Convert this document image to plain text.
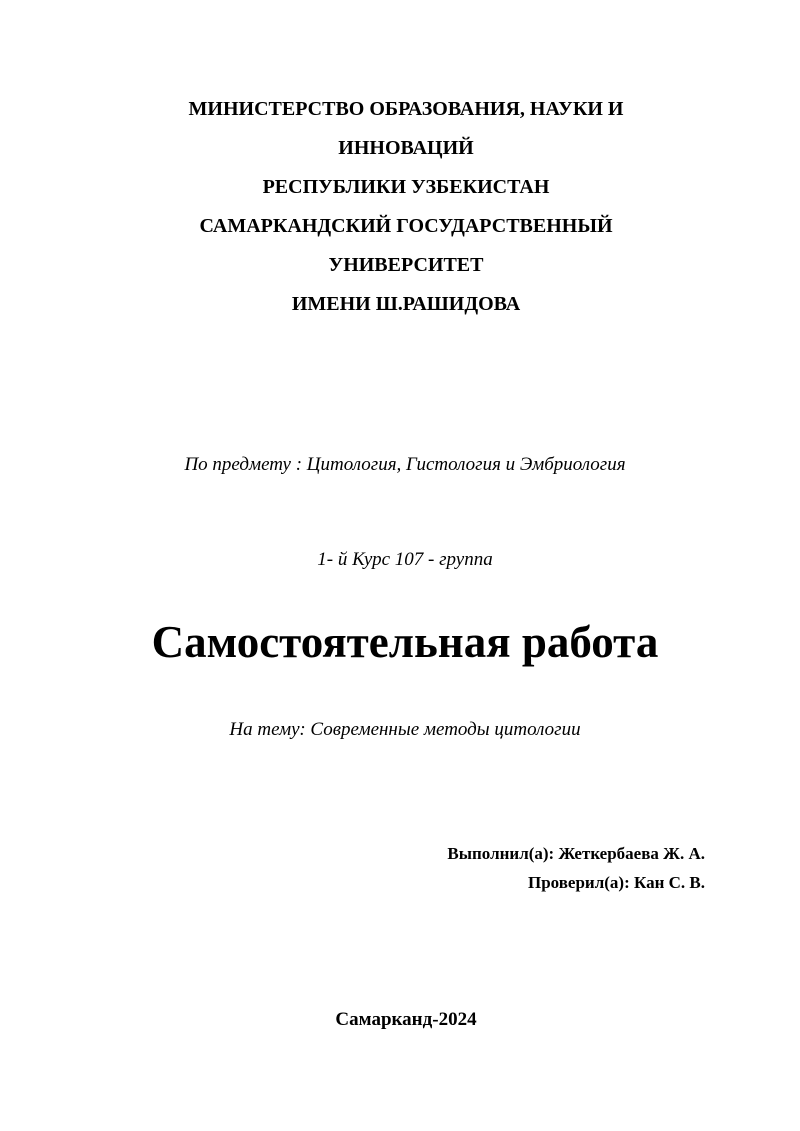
МИНИСТЕРСТВО ОБРАЗОВАНИЯ, НАУКИ И
ИННОВАЦИЙ
РЕСПУБЛИКИ УЗБЕКИСТАН
САМАРКАНДСКИЙ ГОСУДАРСТВЕННЫЙ
УНИВЕРСИТЕТ
ИМЕНИ Ш.РАШИДОВА
По предмету : Цитология, Гистология и Эмбриология
1- й Курс 107 - группа
Самостоятельная работа
На тему: Современные методы цитологии
Выполнил(а): Жеткербаева Ж. А.
Проверил(а): Кан С. В.
Самарканд-2024
